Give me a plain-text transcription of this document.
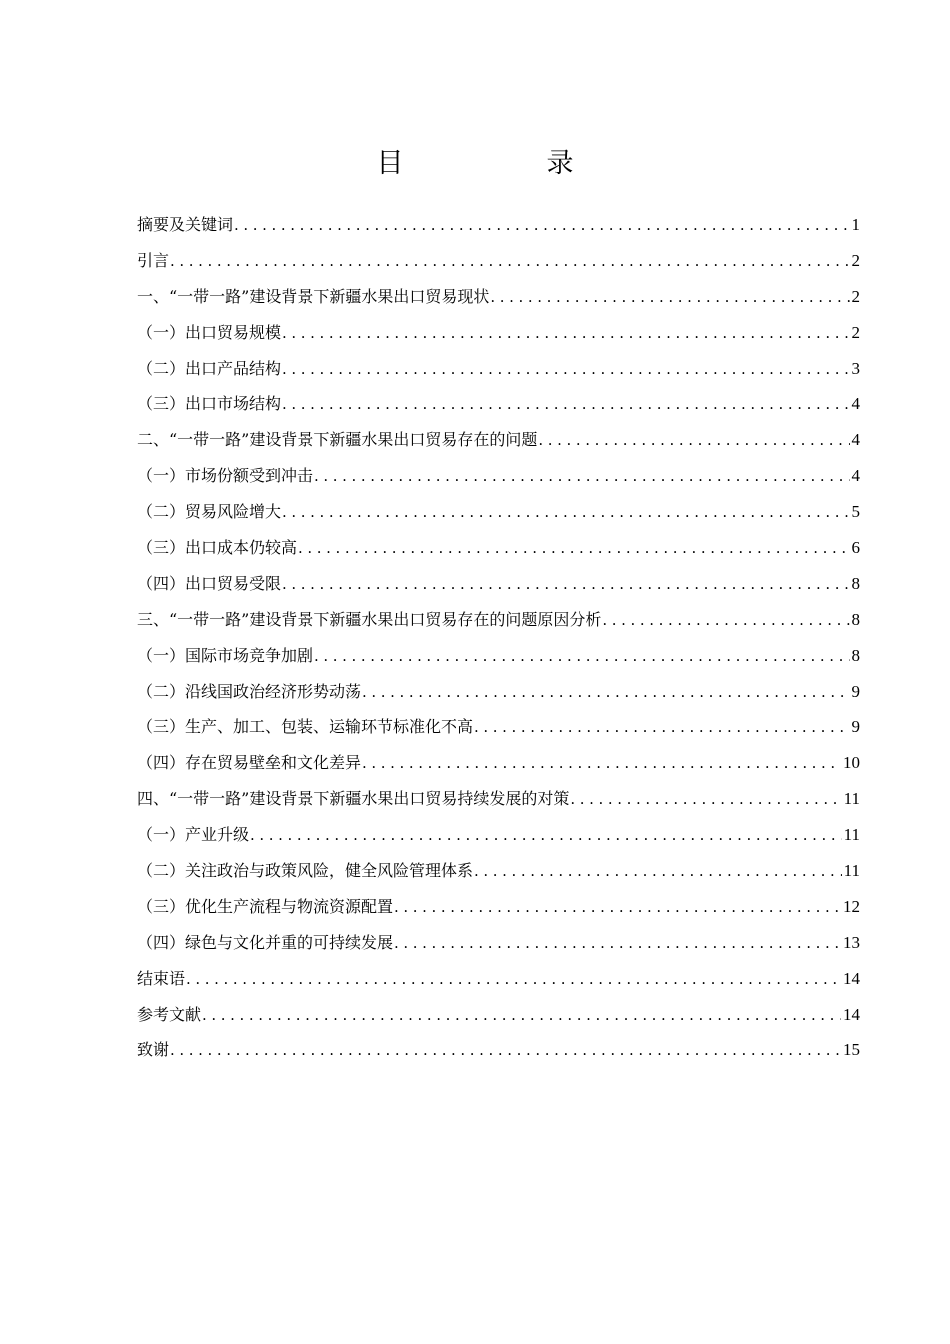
目　录
摘要及关键词 .....	1
引言 .....	2
一、“一带一路”建设背景下新疆水果出口贸易现状 .....	2
（一）出口贸易规模 .....	2
（二）出口产品结构 .....	3
（三）出口市场结构 .....	4
二、“一带一路”建设背景下新疆水果出口贸易存在的问题 .....	4
（一）市场份额受到冲击 .....	4
（二）贸易风险增大 .....	5
（三）出口成本仍较高 .....	6
（四）出口贸易受限 .....	8
三、“一带一路”建设背景下新疆水果出口贸易存在的问题原因分析 .....	8
（一）国际市场竞争加剧 .....	8
（二）沿线国政治经济形势动荡 .....	9
（三）生产、加工、包装、运输环节标准化不高 .....	9
（四）存在贸易壁垒和文化差异 .....	10
四、“一带一路”建设背景下新疆水果出口贸易持续发展的对策 .....	11
（一）产业升级 .....	11
（二）关注政治与政策风险，健全风险管理体系 .....	11
（三）优化生产流程与物流资源配置 .....	12
（四）绿色与文化并重的可持续发展 .....	13
结束语 .....	14
参考文献 .....	14
致谢 .....	15
